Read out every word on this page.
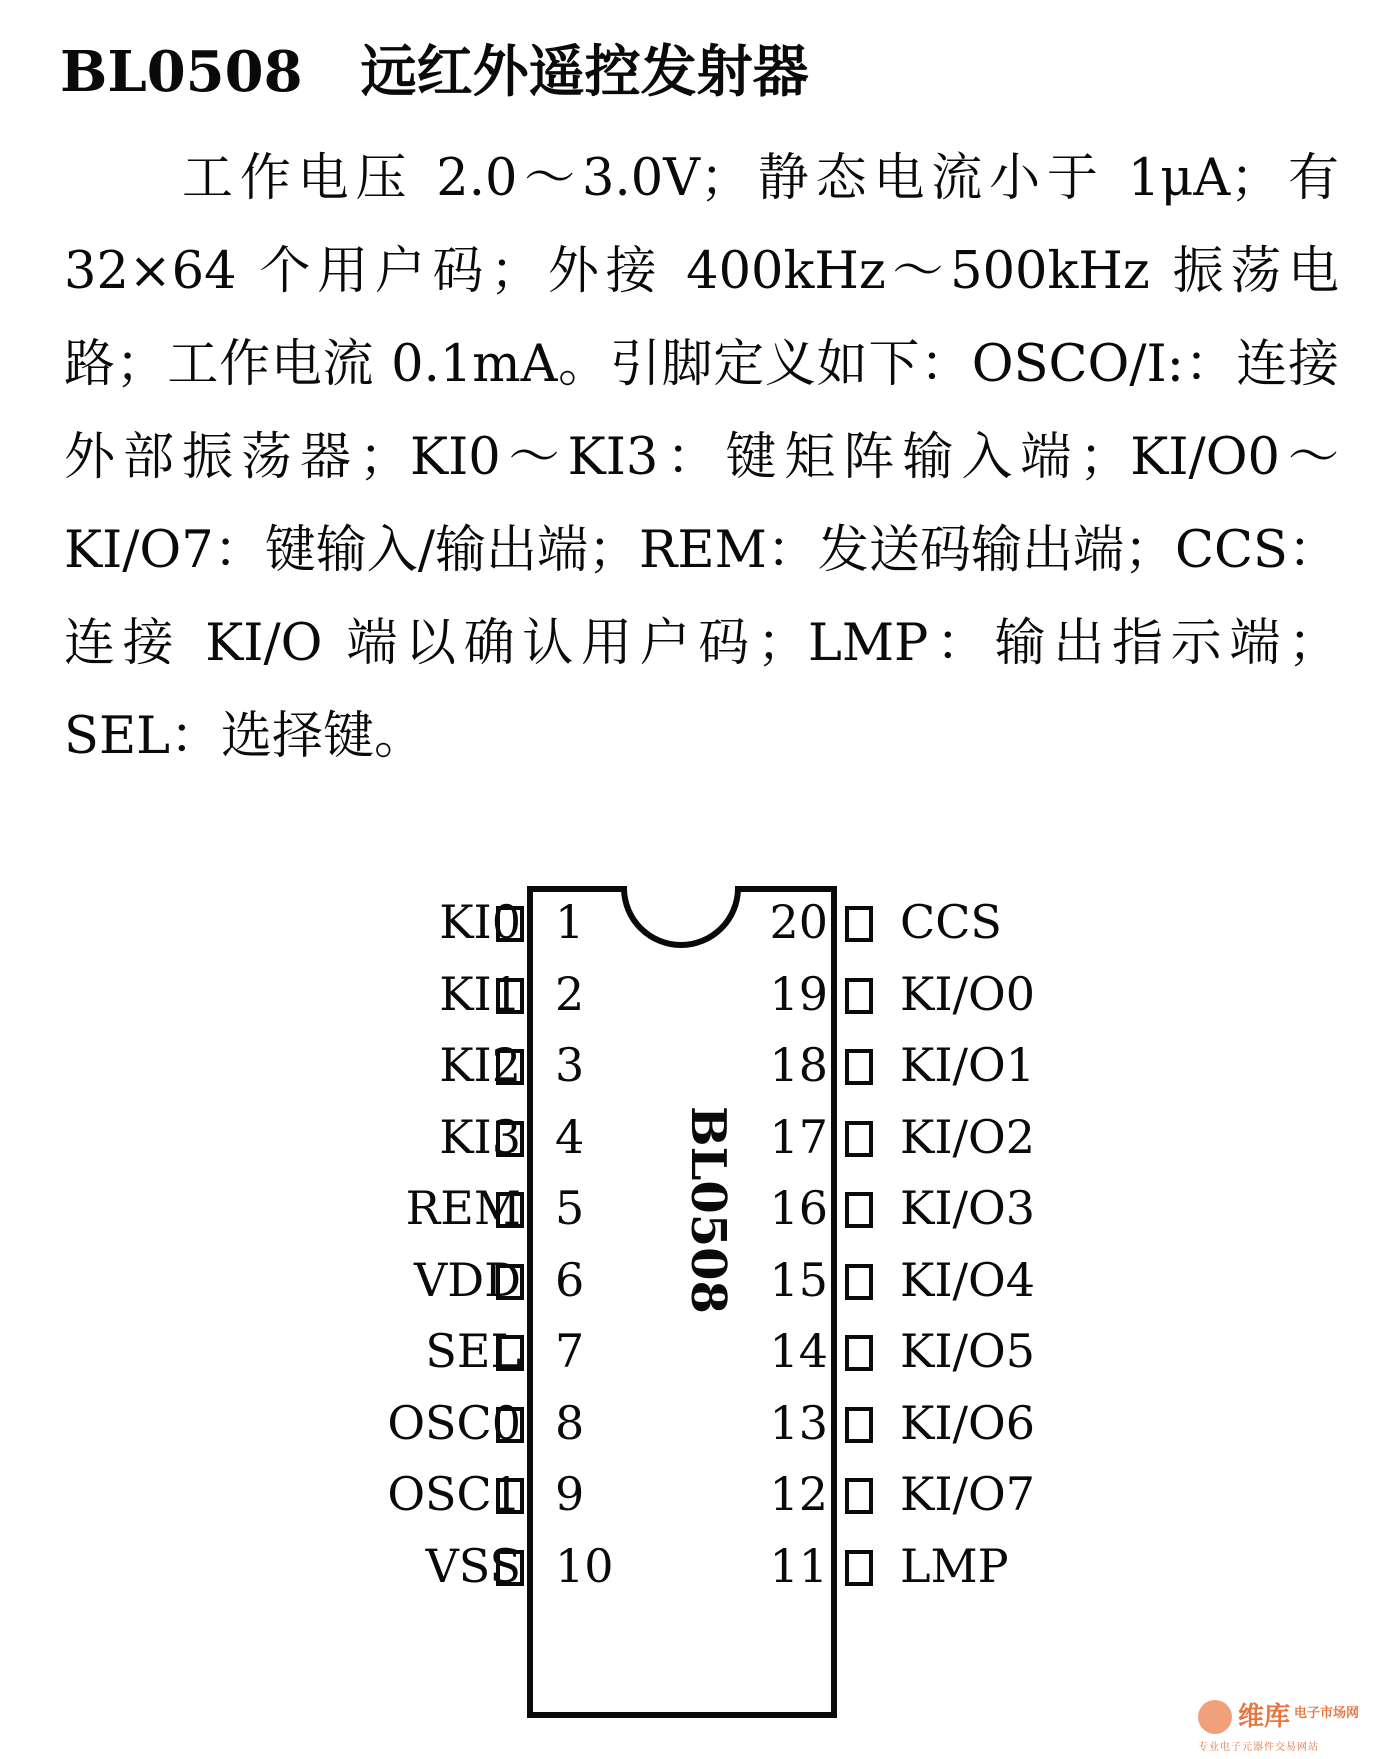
BL0508 远红外遥控发射器

工作电压 2.0～3.0V；静态电流小于 1μA；有 32×64 个用户码；外接 400kHz～500kHz 振荡电路；工作电流 0.1mA。引脚定义如下：OSCO/I:：连接外部振荡器；KI0～KI3：键矩阵输入端；KI/O0～KI/O7：键输入/输出端；REM：发送码输出端；CCS：连接 KI/O 端以确认用户码；LMP：输出指示端；SEL：选择键。

KI0 1
KI1 2
KI2 3
KI3 4
REM 5
VDD 6
SEL 7
OSC0 8
OSC1 9
VSS 10
CCS
20
KI/O0
19
KI/O1
18
KI/O2
17
KI/O3
16
KI/O4
15
KI/O5
14
KI/O6
13
KI/O7
12
LMP
11
BL0508
维库 电子市场网
专业电子元器件交易网站
